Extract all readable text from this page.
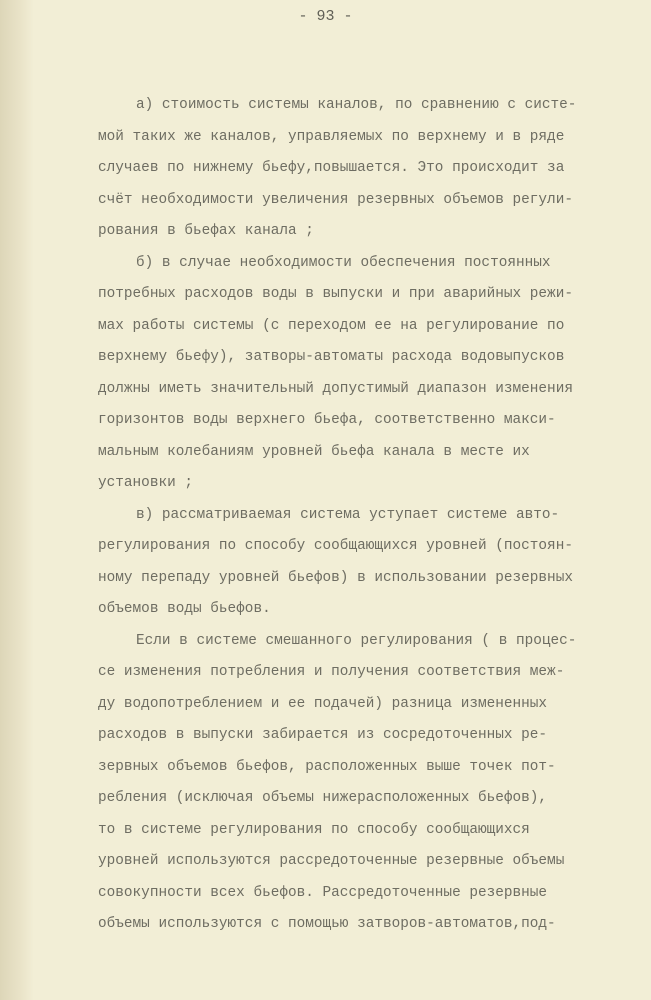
- 93 -
а) стоимость системы каналов, по сравнению с систе-
мой таких же каналов, управляемых по верхнему и в ряде
случаев по нижнему бьефу,повышается. Это происходит за
счёт необходимости увеличения резервных объемов регули-
рования в бьефах канала ;
б) в случае необходимости обеспечения постоянных
потребных расходов воды в выпуски и при аварийных режи-
мах работы системы (с переходом ее на регулирование по
верхнему бьефу), затворы-автоматы расхода водовыпусков
должны иметь значительный допустимый диапазон изменения
горизонтов воды верхнего бьефа, соответственно макси-
мальным колебаниям уровней бьефа канала в месте их
установки ;
в) рассматриваемая система уступает системе авто-
регулирования по способу сообщающихся уровней (постоян-
ному перепаду уровней бьефов) в использовании резервных
объемов воды бьефов.
Если в системе смешанного регулирования ( в процес-
се изменения потребления и получения соответствия меж-
ду водопотреблением и ее подачей) разница измененных
расходов в выпуски забирается из сосредоточенных ре-
зервных объемов бьефов, расположенных выше точек пот-
ребления (исключая объемы нижерасположенных бьефов),
то в системе регулирования по способу сообщающихся
уровней используются рассредоточенные резервные объемы
совокупности всех бьефов. Рассредоточенные резервные
объемы используются с помощью затворов-автоматов,под-
